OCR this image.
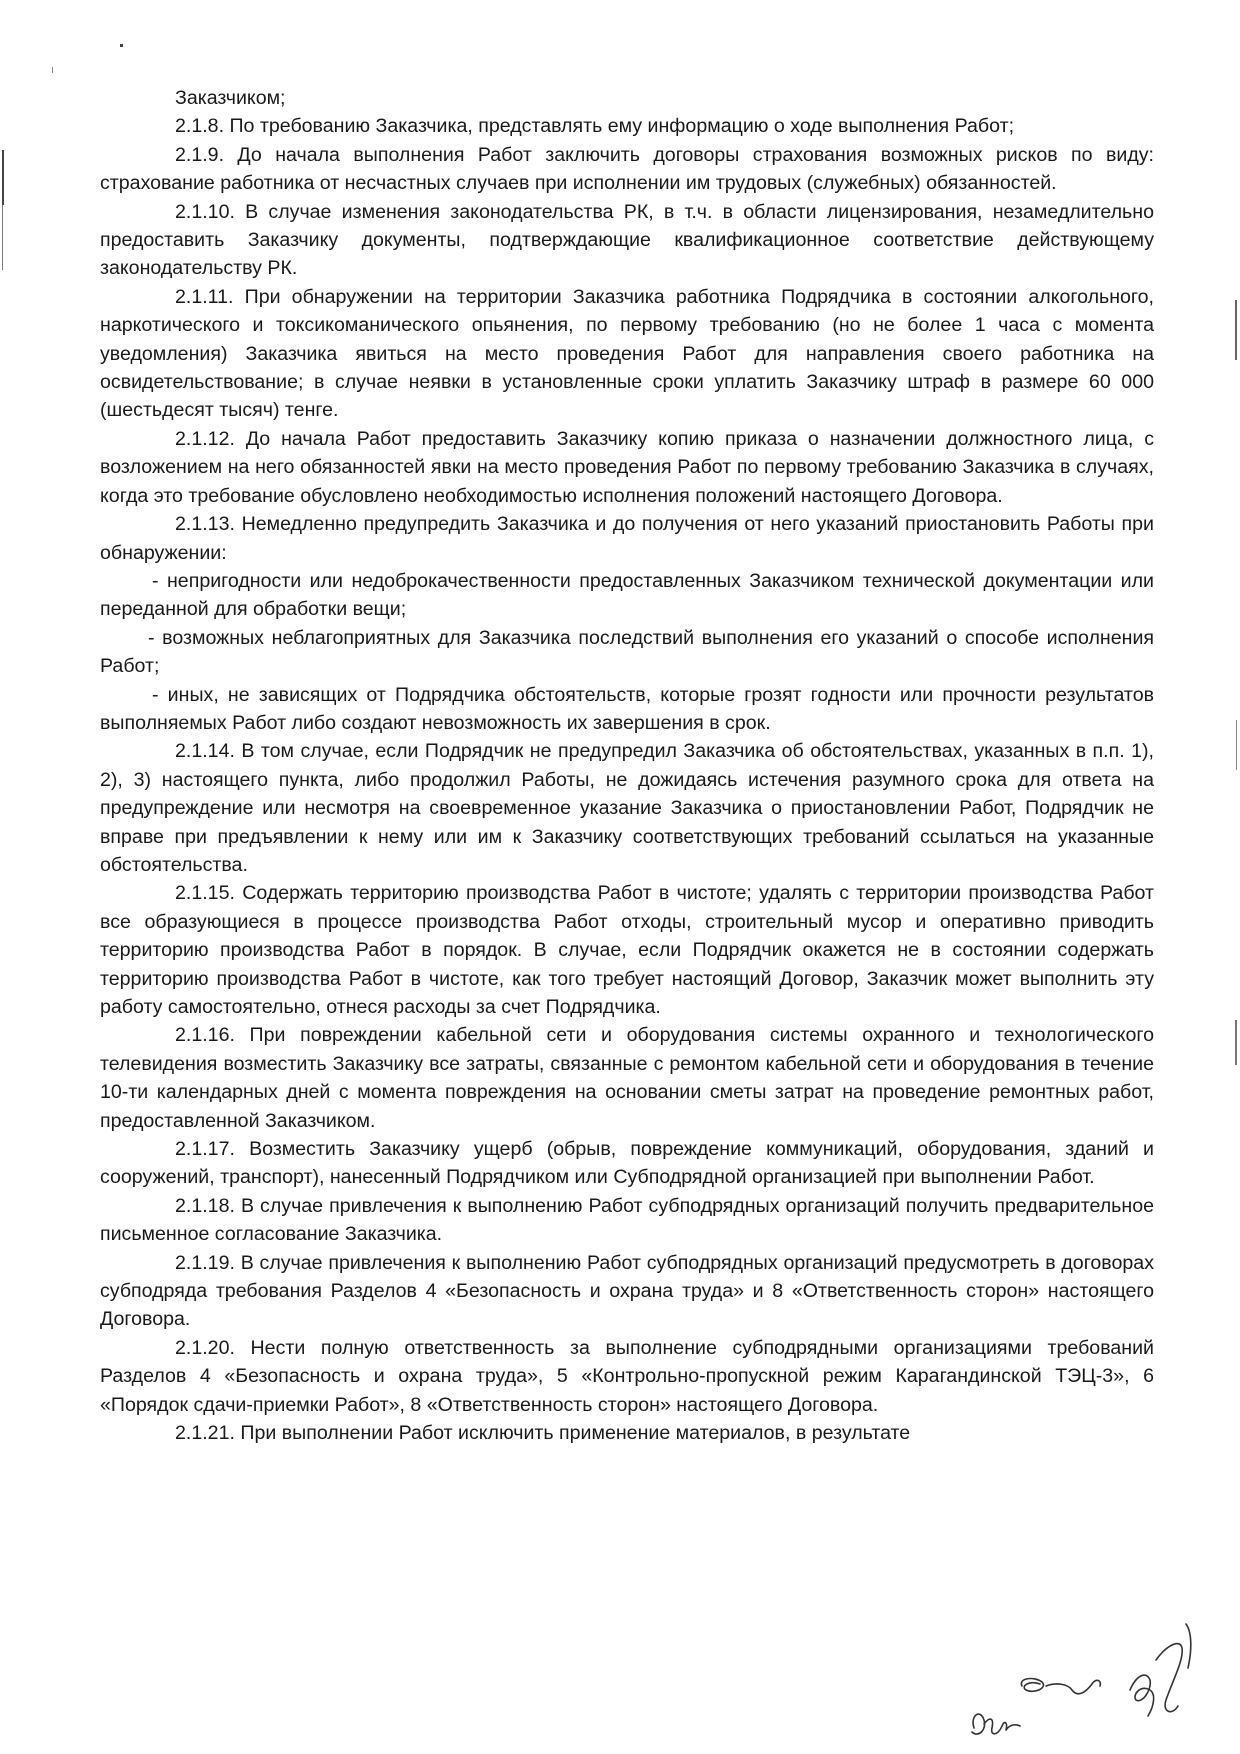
Заказчиком;

2.1.8. По требованию Заказчика, представлять ему информацию о ходе выполнения Работ;

2.1.9. До начала выполнения Работ заключить договоры страхования возможных рисков по виду: страхование работника от несчастных случаев при исполнении им трудовых (служебных) обязанностей.

2.1.10. В случае изменения законодательства РК, в т.ч. в области лицензирования, незамедлительно предоставить Заказчику документы, подтверждающие квалификационное соответствие действующему законодательству РК.

2.1.11. При обнаружении на территории Заказчика работника Подрядчика в состоянии алкогольного, наркотического и токсикоманического опьянения, по первому требованию (но не более 1 часа с момента уведомления) Заказчика явиться на место проведения Работ для направления своего работника на освидетельствование; в случае неявки в установленные сроки уплатить Заказчику штраф в размере 60 000 (шестьдесят тысяч) тенге.

2.1.12. До начала Работ предоставить Заказчику копию приказа о назначении должностного лица, с возложением на него обязанностей явки на место проведения Работ по первому требованию Заказчика в случаях, когда это требование обусловлено необходимостью исполнения положений настоящего Договора.

2.1.13. Немедленно предупредить Заказчика и до получения от него указаний приостановить Работы при обнаружении:

- непригодности или недоброкачественности предоставленных Заказчиком технической документации или переданной для обработки вещи;

- возможных неблагоприятных для Заказчика последствий выполнения его указаний о способе исполнения Работ;

- иных, не зависящих от Подрядчика обстоятельств, которые грозят годности или прочности результатов выполняемых Работ либо создают невозможность их завершения в срок.

2.1.14. В том случае, если Подрядчик не предупредил Заказчика об обстоятельствах, указанных в п.п. 1), 2), 3) настоящего пункта, либо продолжил Работы, не дожидаясь истечения разумного срока для ответа на предупреждение или несмотря на своевременное указание Заказчика о приостановлении Работ, Подрядчик не вправе при предъявлении к нему или им к Заказчику соответствующих требований ссылаться на указанные обстоятельства.

2.1.15. Содержать территорию производства Работ в чистоте; удалять с территории производства Работ все образующиеся в процессе производства Работ отходы, строительный мусор и оперативно приводить территорию производства Работ в порядок. В случае, если Подрядчик окажется не в состоянии содержать территорию производства Работ в чистоте, как того требует настоящий Договор, Заказчик может выполнить эту работу самостоятельно, отнеся расходы за счет Подрядчика.

2.1.16. При повреждении кабельной сети и оборудования системы охранного и технологического телевидения возместить Заказчику все затраты, связанные с ремонтом кабельной сети и оборудования в течение 10-ти календарных дней с момента повреждения на основании сметы затрат на проведение ремонтных работ, предоставленной Заказчиком.

2.1.17. Возместить Заказчику ущерб (обрыв, повреждение коммуникаций, оборудования, зданий и сооружений, транспорт), нанесенный Подрядчиком или Субподрядной организацией при выполнении Работ.

2.1.18. В случае привлечения к выполнению Работ субподрядных организаций получить предварительное письменное согласование Заказчика.

2.1.19. В случае привлечения к выполнению Работ субподрядных организаций предусмотреть в договорах субподряда требования Разделов 4 «Безопасность и охрана труда» и 8 «Ответственность сторон» настоящего Договора.

2.1.20. Нести полную ответственность за выполнение субподрядными организациями требований Разделов 4 «Безопасность и охрана труда», 5 «Контрольно-пропускной режим Карагандинской ТЭЦ-3», 6 «Порядок сдачи-приемки Работ», 8 «Ответственность сторон» настоящего Договора.

2.1.21. При выполнении Работ исключить применение материалов, в результате
